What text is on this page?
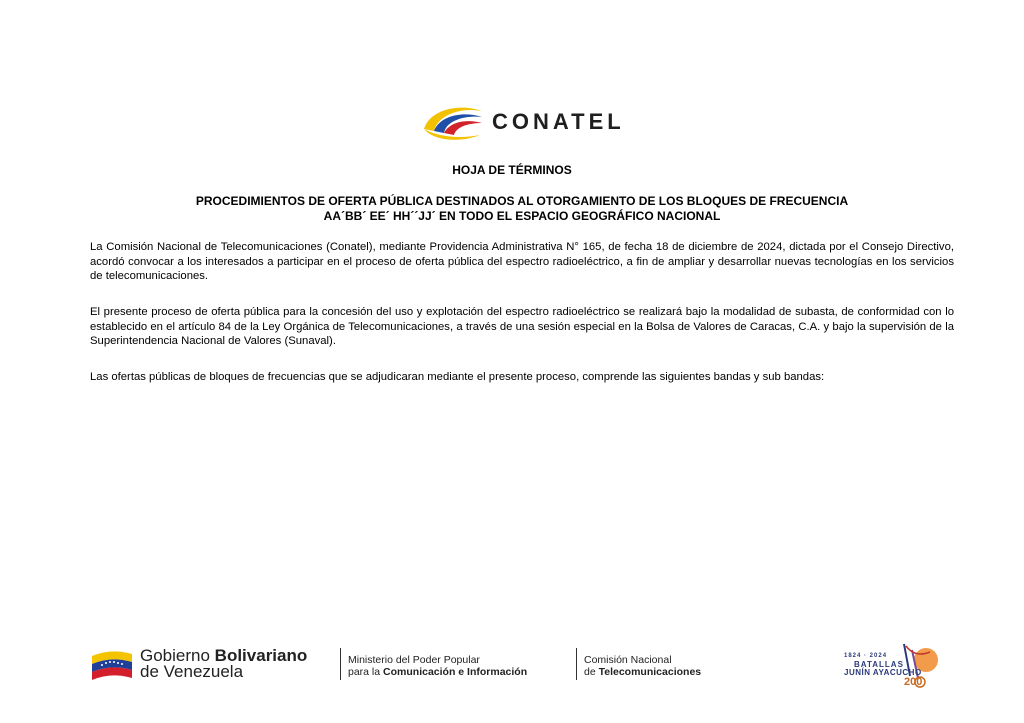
CONATEL
HOJA DE TÉRMINOS
PROCEDIMIENTOS DE OFERTA PÚBLICA DESTINADOS AL OTORGAMIENTO DE LOS BLOQUES DE FRECUENCIA
AA´BB´ EE´ HH´´JJ´ EN TODO EL ESPACIO GEOGRÁFICO NACIONAL
La Comisión Nacional de Telecomunicaciones (Conatel), mediante Providencia Administrativa N° 165, de fecha 18 de diciembre de 2024, dictada por el Consejo Directivo, acordó convocar a los interesados a participar en el proceso de oferta pública del espectro radioeléctrico, a fin de ampliar y desarrollar nuevas tecnologías en los servicios de telecomunicaciones.
El presente proceso de oferta pública para la concesión del uso y explotación del espectro radioeléctrico se realizará bajo la modalidad de subasta, de conformidad con lo establecido en el artículo 84 de la Ley Orgánica de Telecomunicaciones, a través de una sesión especial en la Bolsa de Valores de Caracas, C.A. y bajo la supervisión de la Superintendencia Nacional de Valores (Sunaval).
Las ofertas públicas de bloques de frecuencias que se adjudicaran mediante el presente proceso, comprende las siguientes bandas y sub bandas:
Gobierno Bolivariano
de Venezuela
Ministerio del Poder Popular
para la Comunicación e Información
Comisión Nacional
de Telecomunicaciones
1824 · 2024
BATALLAS
JUNÍN AYACUCHO
200
